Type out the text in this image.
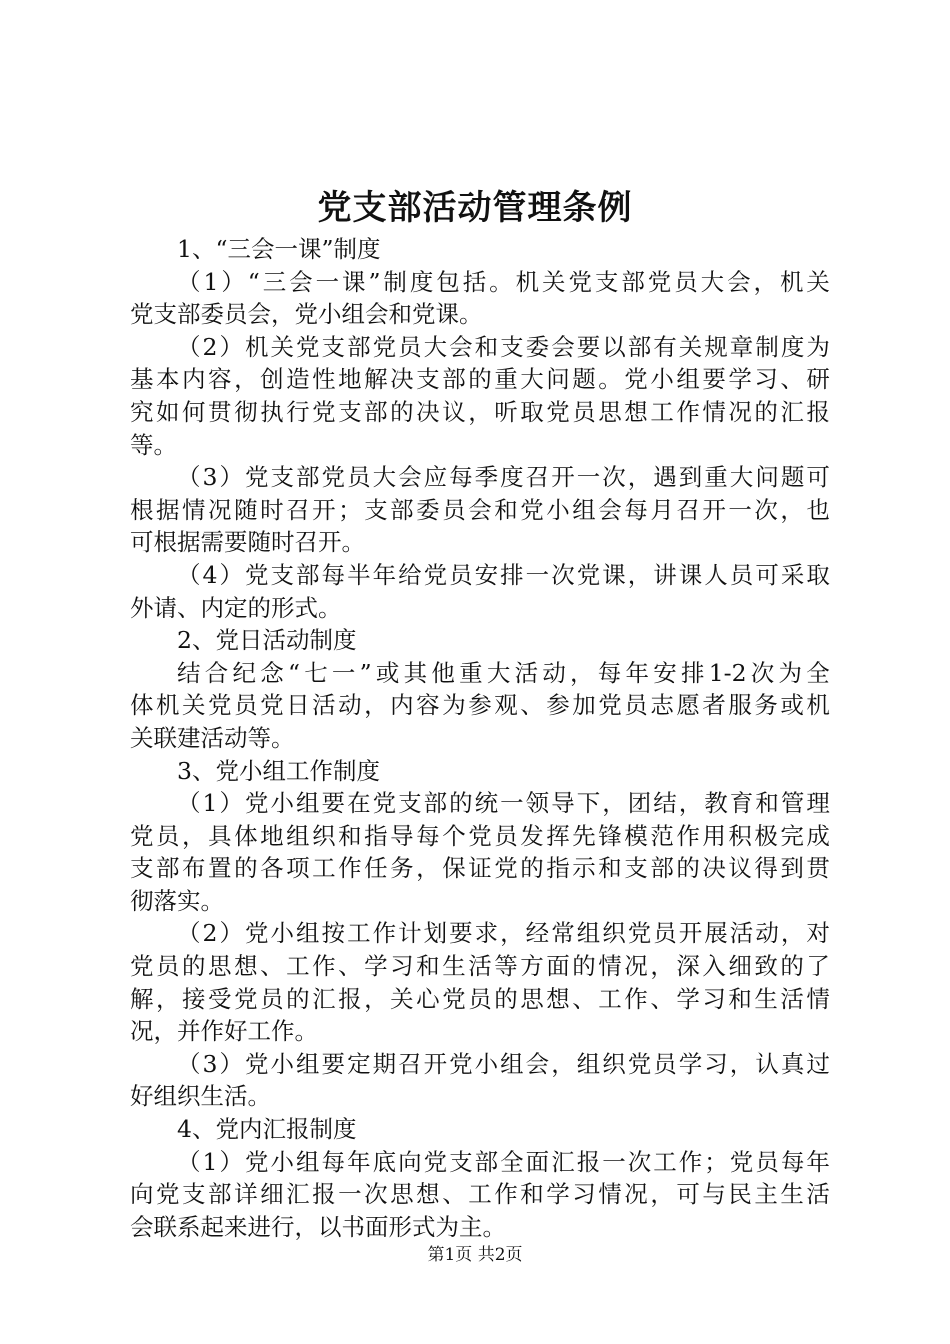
党支部活动管理条例
1、“三会一课”制度
（ 1 ） “ 三 会 一 课 ” 制 度 包 括 。 机 关 党 支 部 党 员 大 会 ， 机 关
党支部委员会，党小组会和党课。
（ 2 ） 机 关 党 支 部 党 员 大 会 和 支 委 会 要 以 部 有 关 规 章 制 度 为
基 本 内 容 ， 创 造 性 地 解 决 支 部 的 重 大 问 题 。 党 小 组 要 学 习 、 研
究 如 何 贯 彻 执 行 党 支 部 的 决 议 ， 听 取 党 员 思 想 工 作 情 况 的 汇 报
等。
（ 3 ） 党 支 部 党 员 大 会 应 每 季 度 召 开 一 次 ， 遇 到 重 大 问 题 可
根 据 情 况 随 时 召 开 ； 支 部 委 员 会 和 党 小 组 会 每 月 召 开 一 次 ， 也
可根据需要随时召开。
（ 4 ） 党 支 部 每 半 年 给 党 员 安 排 一 次 党 课 ， 讲 课 人 员 可 采 取
外请、内定的形式。
2、党日活动制度
结 合 纪 念 “ 七 一 ” 或 其 他 重 大 活 动 ， 每 年 安 排 1-2 次 为 全
体 机 关 党 员 党 日 活 动 ， 内 容 为 参 观 、 参 加 党 员 志 愿 者 服 务 或 机
关联建活动等。
3、党小组工作制度
（ 1 ） 党 小 组 要 在 党 支 部 的 统 一 领 导 下 ， 团 结 ， 教 育 和 管 理
党 员 ， 具 体 地 组 织 和 指 导 每 个 党 员 发 挥 先 锋 模 范 作 用 积 极 完 成
支 部 布 置 的 各 项 工 作 任 务 ， 保 证 党 的 指 示 和 支 部 的 决 议 得 到 贯
彻落实。
（ 2 ） 党 小 组 按 工 作 计 划 要 求 ， 经 常 组 织 党 员 开 展 活 动 ， 对
党 员 的 思 想 、 工 作 、 学 习 和 生 活 等 方 面 的 情 况 ， 深 入 细 致 的 了
解 ， 接 受 党 员 的 汇 报 ， 关 心 党 员 的 思 想 、 工 作 、 学 习 和 生 活 情
况，并作好工作。
（ 3 ） 党 小 组 要 定 期 召 开 党 小 组 会 ， 组 织 党 员 学 习 ， 认 真 过
好组织生活。
4、党内汇报制度
（ 1 ） 党 小 组 每 年 底 向 党 支 部 全 面 汇 报 一 次 工 作 ； 党 员 每 年
向 党 支 部 详 细 汇 报 一 次 思 想 、 工 作 和 学 习 情 况 ， 可 与 民 主 生 活
会联系起来进行，以书面形式为主。
第1页 共2页
